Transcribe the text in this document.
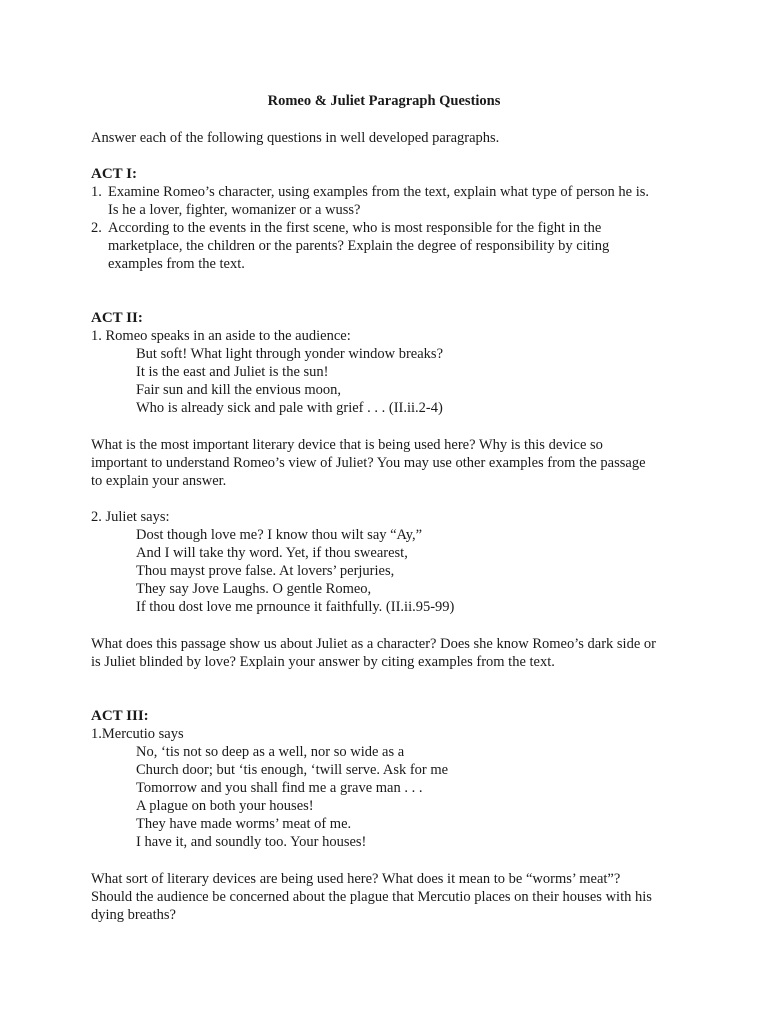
Romeo & Juliet Paragraph Questions
Answer each of the following questions in well developed paragraphs.
ACT I:
1. Examine Romeo’s character, using examples from the text, explain what type of person he is.
Is he a lover, fighter, womanizer or a wuss?
2. According to the events in the first scene, who is most responsible for the fight in the
marketplace, the children or the parents? Explain the degree of responsibility by citing
examples from the text.
ACT II:
1. Romeo speaks in an aside to the audience:
But soft! What light through yonder window breaks?
It is the east and Juliet is the sun!
Fair sun and kill the envious moon,
Who is already sick and pale with grief . . . (II.ii.2-4)
What is the most important literary device that is being used here? Why is this device so
important to understand Romeo’s view of Juliet? You may use other examples from the passage
to explain your answer.
2. Juliet says:
Dost though love me? I know thou wilt say “Ay,”
And I will take thy word. Yet, if thou swearest,
Thou mayst prove false. At lovers’ perjuries,
They say Jove Laughs. O gentle Romeo,
If thou dost love me prnounce it faithfully. (II.ii.95-99)
What does this passage show us about Juliet as a character? Does she know Romeo’s dark side or
is Juliet blinded by love? Explain your answer by citing examples from the text.
ACT III:
1.Mercutio says
No, ‘tis not so deep as a well, nor so wide as a
Church door; but ‘tis enough, ‘twill serve. Ask for me
Tomorrow and you shall find me a grave man . . .
A plague on both your houses!
They have made worms’ meat of me.
I have it, and soundly too. Your houses!
What sort of literary devices are being used here? What does it mean to be “worms’ meat”?
Should the audience be concerned about the plague that Mercutio places on their houses with his
dying breaths?
